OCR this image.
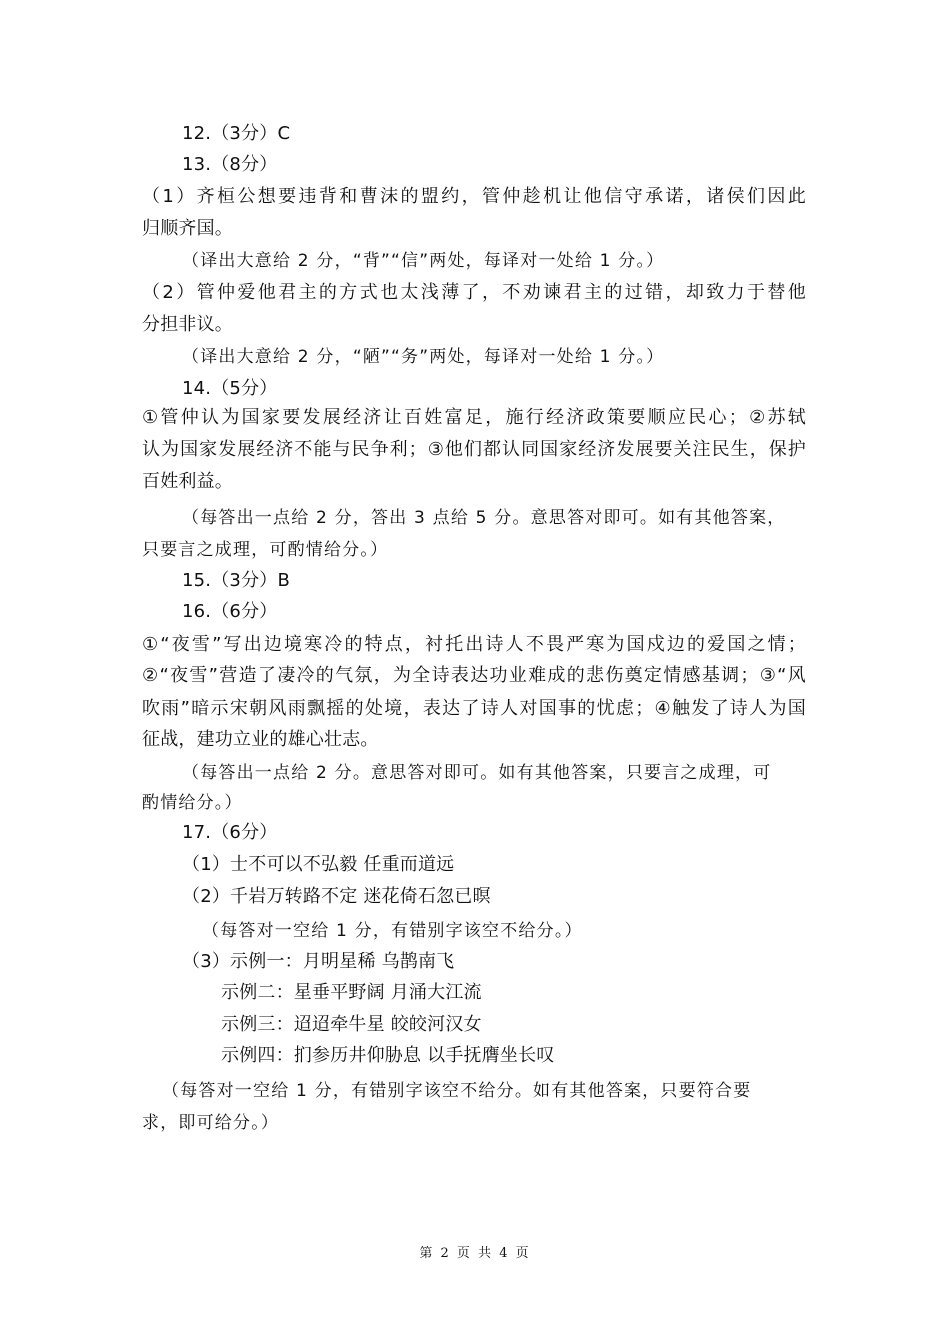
12.（3分）C
13.（8分）
（1）齐桓公想要违背和曹沫的盟约，管仲趁机让他信守承诺，诸侯们因此
归顺齐国。
（译出大意给 2 分，“背”“信”两处，每译对一处给 1 分。）
（2）管仲爱他君主的方式也太浅薄了，不劝谏君主的过错，却致力于替他
分担非议。
（译出大意给 2 分，“陋”“务”两处，每译对一处给 1 分。）
14.（5分）
①管仲认为国家要发展经济让百姓富足，施行经济政策要顺应民心；②苏轼
认为国家发展经济不能与民争利；③他们都认同国家经济发展要关注民生，保护
百姓利益。
（每答出一点给 2 分，答出 3 点给 5 分。意思答对即可。如有其他答案，
只要言之成理，可酌情给分。）
15.（3分）B
16.（6分）
①“夜雪”写出边境寒冷的特点，衬托出诗人不畏严寒为国戍边的爱国之情；
②“夜雪”营造了凄冷的气氛，为全诗表达功业难成的悲伤奠定情感基调；③“风
吹雨”暗示宋朝风雨飘摇的处境，表达了诗人对国事的忧虑；④触发了诗人为国
征战，建功立业的雄心壮志。
（每答出一点给 2 分。意思答对即可。如有其他答案，只要言之成理，可
酌情给分。）
17.（6分）
（1）士不可以不弘毅 任重而道远
（2）千岩万转路不定 迷花倚石忽已暝
（每答对一空给 1 分，有错别字该空不给分。）
（3）示例一：月明星稀 乌鹊南飞
示例二：星垂平野阔 月涌大江流
示例三：迢迢牵牛星 皎皎河汉女
示例四：扪参历井仰胁息 以手抚膺坐长叹
（每答对一空给 1 分，有错别字该空不给分。如有其他答案，只要符合要
求，即可给分。）
第 2 页 共 4 页
